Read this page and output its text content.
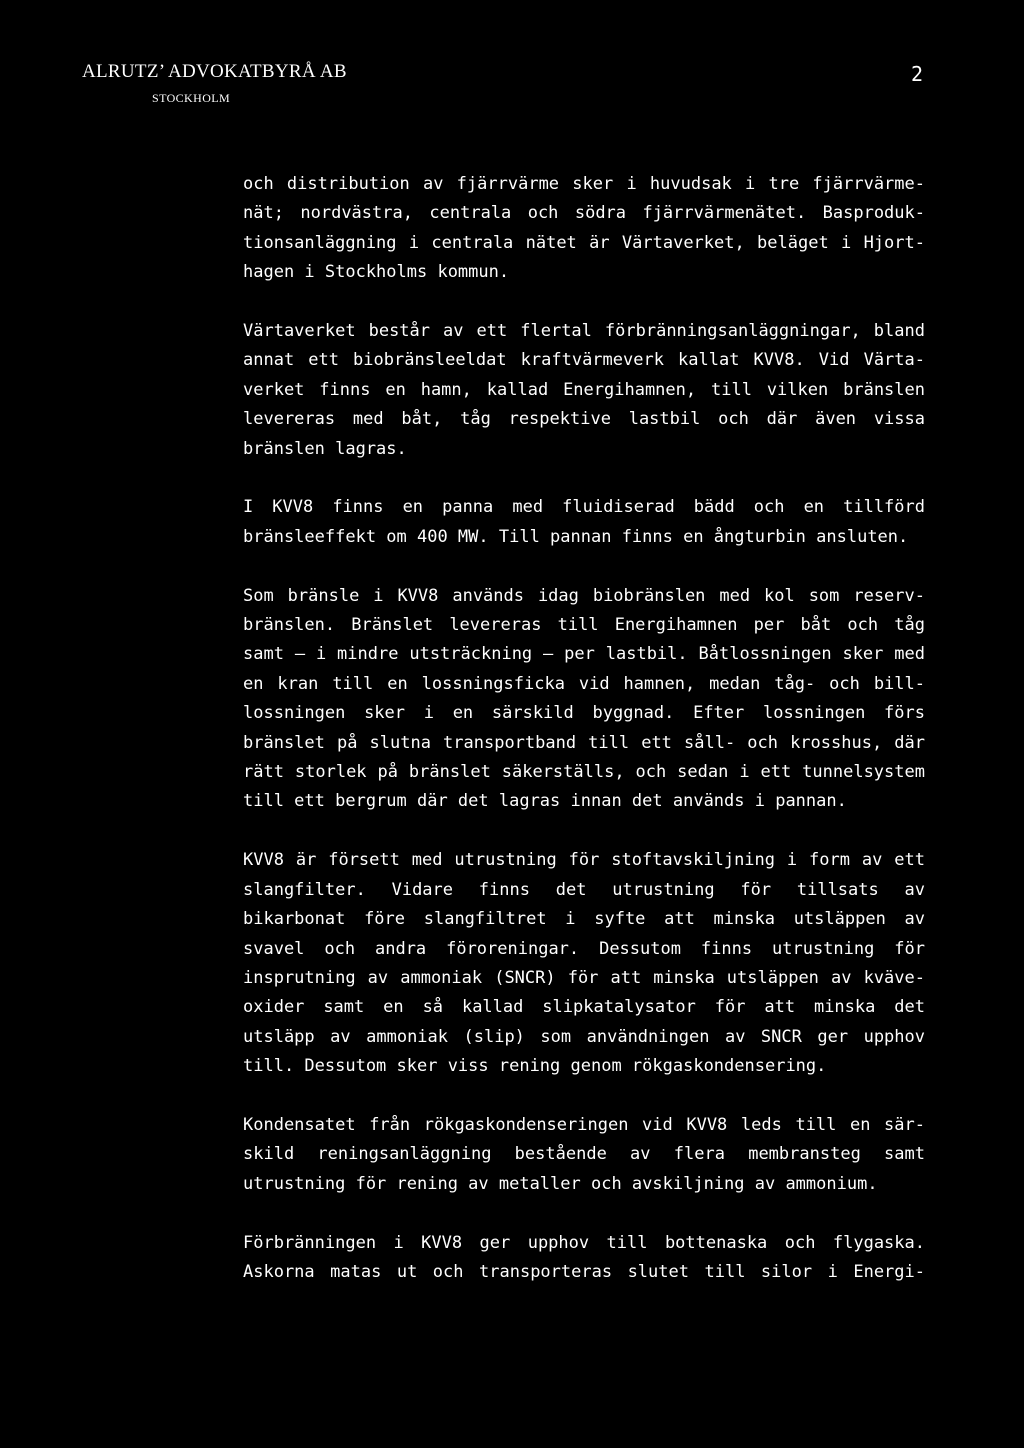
ALRUTZ’ ADVOKATBYRÅ AB
STOCKHOLM
2
och distribution av fjärrvärme sker i huvudsak i tre fjärrvärme-
nät; nordvästra, centrala och södra fjärrvärmenätet. Basproduk-
tionsanläggning i centrala nätet är Värtaverket, beläget i Hjort-
hagen i Stockholms kommun.
Värtaverket består av ett flertal förbränningsanläggningar, bland
annat ett biobränsleeldat kraftvärmeverk kallat KVV8. Vid Värta-
verket finns en hamn, kallad Energihamnen, till vilken bränslen
levereras med båt, tåg respektive lastbil och där även vissa
bränslen lagras.
I KVV8 finns en panna med fluidiserad bädd och en tillförd
bränsleeffekt om 400 MW. Till pannan finns en ångturbin ansluten.
Som bränsle i KVV8 används idag biobränslen med kol som reserv-
bränslen. Bränslet levereras till Energihamnen per båt och tåg
samt – i mindre utsträckning – per lastbil. Båtlossningen sker med
en kran till en lossningsficka vid hamnen, medan tåg- och bill-
lossningen sker i en särskild byggnad. Efter lossningen förs
bränslet på slutna transportband till ett såll- och krosshus, där
rätt storlek på bränslet säkerställs, och sedan i ett tunnelsystem
till ett bergrum där det lagras innan det används i pannan.
KVV8 är försett med utrustning för stoftavskiljning i form av ett
slangfilter. Vidare finns det utrustning för tillsats av
bikarbonat före slangfiltret i syfte att minska utsläppen av
svavel och andra föroreningar. Dessutom finns utrustning för
insprutning av ammoniak (SNCR) för att minska utsläppen av kväve-
oxider samt en så kallad slipkatalysator för att minska det
utsläpp av ammoniak (slip) som användningen av SNCR ger upphov
till. Dessutom sker viss rening genom rökgaskondensering.
Kondensatet från rökgaskondenseringen vid KVV8 leds till en sär-
skild reningsanläggning bestående av flera membransteg samt
utrustning för rening av metaller och avskiljning av ammonium.
Förbränningen i KVV8 ger upphov till bottenaska och flygaska.
Askorna matas ut och transporteras slutet till silor i Energi-
